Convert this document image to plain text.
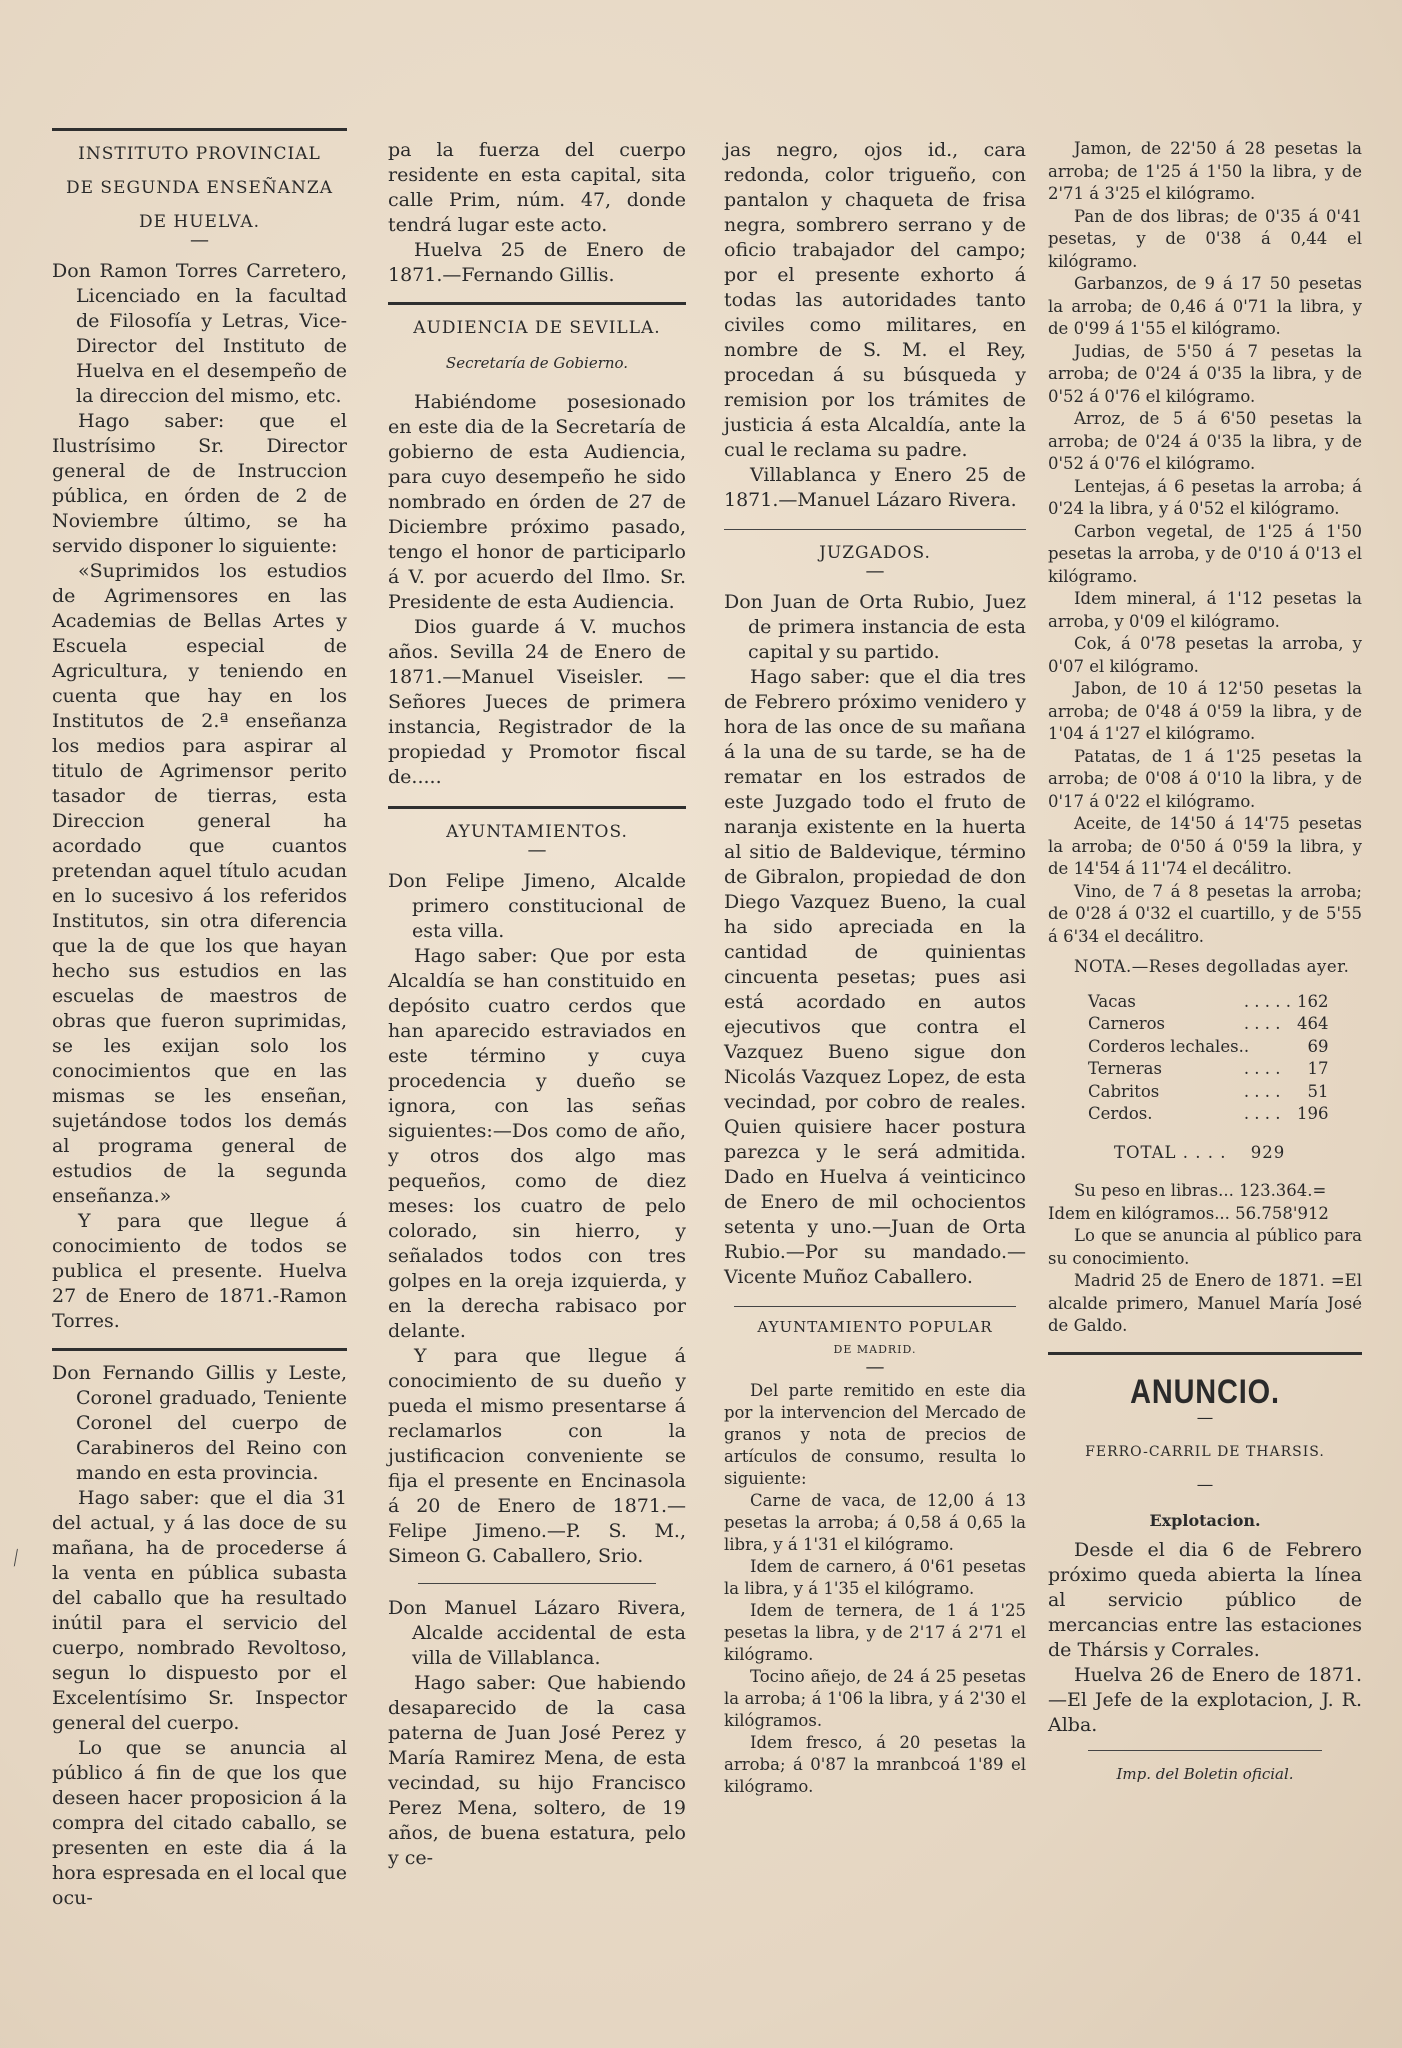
⟋

INSTITUTO PROVINCIAL

DE SEGUNDA ENSEÑANZA

DE HUELVA.

—

Don Ramon Torres Carretero, Licenciado en la facultad de Filosofía y Letras, Vice-Director del Instituto de Huelva en el desempeño de la direccion del mismo, etc.

Hago saber: que el Ilustrísimo Sr. Director general de de Instruccion pública, en órden de 2 de Noviembre último, se ha servido disponer lo siguiente:

«Suprimidos los estudios de Agrimensores en las Academias de Bellas Artes y Escuela especial de Agricultura, y teniendo en cuenta que hay en los Institutos de 2.ª enseñanza los medios para aspirar al titulo de Agrimensor perito tasador de tierras, esta Direccion general ha acordado que cuantos pretendan aquel título acudan en lo sucesivo á los referidos Institutos, sin otra diferencia que la de que los que hayan hecho sus estudios en las escuelas de maestros de obras que fueron suprimidas, se les exijan solo los conocimientos que en las mismas se les enseñan, sujetándose todos los demás al programa general de estudios de la segunda enseñanza.»

Y para que llegue á conocimiento de todos se publica el presente. Huelva 27 de Enero de 1871.-Ramon Torres.

Don Fernando Gillis y Leste, Coronel graduado, Teniente Coronel del cuerpo de Carabineros del Reino con mando en esta provincia.

Hago saber: que el dia 31 del actual, y á las doce de su mañana, ha de procederse á la venta en pública subasta del caballo que ha resultado inútil para el servicio del cuerpo, nombrado Revoltoso, segun lo dispuesto por el Excelentísimo Sr. Inspector general del cuerpo.

Lo que se anuncia al público á fin de que los que deseen hacer proposicion á la compra del citado caballo, se presenten en este dia á la hora espresada en el local que ocu-

pa la fuerza del cuerpo residente en esta capital, sita calle Prim, núm. 47, donde tendrá lugar este acto.

Huelva 25 de Enero de 1871.—Fernando Gillis.

AUDIENCIA DE SEVILLA.

Secretaría de Gobierno.

Habiéndome posesionado en este dia de la Secretaría de gobierno de esta Audiencia, para cuyo desempeño he sido nombrado en órden de 27 de Diciembre próximo pasado, tengo el honor de participarlo á V. por acuerdo del Ilmo. Sr. Presidente de esta Audiencia.

Dios guarde á V. muchos años. Sevilla 24 de Enero de 1871.—Manuel Viseisler. —Señores Jueces de primera instancia, Registrador de la propiedad y Promotor fiscal de.....

AYUNTAMIENTOS.

—

Don Felipe Jimeno, Alcalde primero constitucional de esta villa.

Hago saber: Que por esta Alcaldía se han constituido en depósito cuatro cerdos que han aparecido estraviados en este término y cuya procedencia y dueño se ignora, con las señas siguientes:—Dos como de año, y otros dos algo mas pequeños, como de diez meses: los cuatro de pelo colorado, sin hierro, y señalados todos con tres golpes en la oreja izquierda, y en la derecha rabisaco por delante.

Y para que llegue á conocimiento de su dueño y pueda el mismo presentarse á reclamarlos con la justificacion conveniente se fija el presente en Encinasola á 20 de Enero de 1871.—Felipe Jimeno.—P. S. M., Simeon G. Caballero, Srio.

Don Manuel Lázaro Rivera, Alcalde accidental de esta villa de Villablanca.

Hago saber: Que habiendo desaparecido de la casa paterna de Juan José Perez y María Ramirez Mena, de esta vecindad, su hijo Francisco Perez Mena, soltero, de 19 años, de buena estatura, pelo y ce-

jas negro, ojos id., cara redonda, color trigueño, con pantalon y chaqueta de frisa negra, sombrero serrano y de oficio trabajador del campo; por el presente exhorto á todas las autoridades tanto civiles como militares, en nombre de S. M. el Rey, procedan á su búsqueda y remision por los trámites de justicia á esta Alcaldía, ante la cual le reclama su padre.

Villablanca y Enero 25 de 1871.—Manuel Lázaro Rivera.

JUZGADOS.

—

Don Juan de Orta Rubio, Juez de primera instancia de esta capital y su partido.

Hago saber: que el dia tres de Febrero próximo venidero y hora de las once de su mañana á la una de su tarde, se ha de rematar en los estrados de este Juzgado todo el fruto de naranja existente en la huerta al sitio de Baldevique, término de Gibralon, propiedad de don Diego Vazquez Bueno, la cual ha sido apreciada en la cantidad de quinientas cincuenta pesetas; pues asi está acordado en autos ejecutivos que contra el Vazquez Bueno sigue don Nicolás Vazquez Lopez, de esta vecindad, por cobro de reales. Quien quisiere hacer postura parezca y le será admitida. Dado en Huelva á veinticinco de Enero de mil ochocientos setenta y uno.—Juan de Orta Rubio.—Por su mandado.—Vicente Muñoz Caballero.

AYUNTAMIENTO POPULAR

DE MADRID.

—

Del parte remitido en este dia por la intervencion del Mercado de granos y nota de precios de artículos de consumo, resulta lo siguiente:

Carne de vaca, de 12,00 á 13 pesetas la arroba; á 0,58 á 0,65 la libra, y á 1'31 el kilógramo.

Idem de carnero, á 0'61 pesetas la libra, y á 1'35 el kilógramo.

Idem de ternera, de 1 á 1'25 pesetas la libra, y de 2'17 á 2'71 el kilógramo.

Tocino añejo, de 24 á 25 pesetas la arroba; á 1'06 la libra, y á 2'30 el kilógramos.

Idem fresco, á 20 pesetas la arroba; á 0'87 la mranbcoá 1'89 el kilógramo.

Jamon, de 22'50 á 28 pesetas la arroba; de 1'25 á 1'50 la libra, y de 2'71 á 3'25 el kilógramo.

Pan de dos libras; de 0'35 á 0'41 pesetas, y de 0'38 á 0,44 el kilógramo.

Garbanzos, de 9 á 17 50 pesetas la arroba; de 0,46 á 0'71 la libra, y de 0'99 á 1'55 el kilógramo.

Judias, de 5'50 á 7 pesetas la arroba; de 0'24 á 0'35 la libra, y de 0'52 á 0'76 el kilógramo.

Arroz, de 5 á 6'50 pesetas la arroba; de 0'24 á 0'35 la libra, y de 0'52 á 0'76 el kilógramo.

Lentejas, á 6 pesetas la arroba; á 0'24 la libra, y á 0'52 el kilógramo.

Carbon vegetal, de 1'25 á 1'50 pesetas la arroba, y de 0'10 á 0'13 el kilógramo.

Idem mineral, á 1'12 pesetas la arroba, y 0'09 el kilógramo.

Cok, á 0'78 pesetas la arroba, y 0'07 el kilógramo.

Jabon, de 10 á 12'50 pesetas la arroba; de 0'48 á 0'59 la libra, y de 1'04 á 1'27 el kilógramo.

Patatas, de 1 á 1'25 pesetas la arroba; de 0'08 á 0'10 la libra, y de 0'17 á 0'22 el kilógramo.

Aceite, de 14'50 á 14'75 pesetas la arroba; de 0'50 á 0'59 la libra, y de 14'54 á 11'74 el decálitro.

Vino, de 7 á 8 pesetas la arroba; de 0'28 á 0'32 el cuartillo, y de 5'55 á 6'34 el decálitro.

NOTA.—Reses degolladas ayer.

Vacas	. . . . .	162
Carneros	. . . .	464
Corderos lechales.	.	69
Terneras	. . . .	17
Cabritos	. . . .	51
Cerdos.	. . . .	196
TOTAL . . . . 929

Su peso en libras... 123.364.=

Idem en kilógramos... 56.758'912

Lo que se anuncia al público para su conocimiento.

Madrid 25 de Enero de 1871. =El alcalde primero, Manuel María José de Galdo.

ANUNCIO.

—

FERRO-CARRIL DE THARSIS.

—

Explotacion.

Desde el dia 6 de Febrero próximo queda abierta la línea al servicio público de mercancias entre las estaciones de Thársis y Corrales.

Huelva 26 de Enero de 1871.—El Jefe de la explotacion, J. R. Alba.

Imp. del Boletin oficial.
